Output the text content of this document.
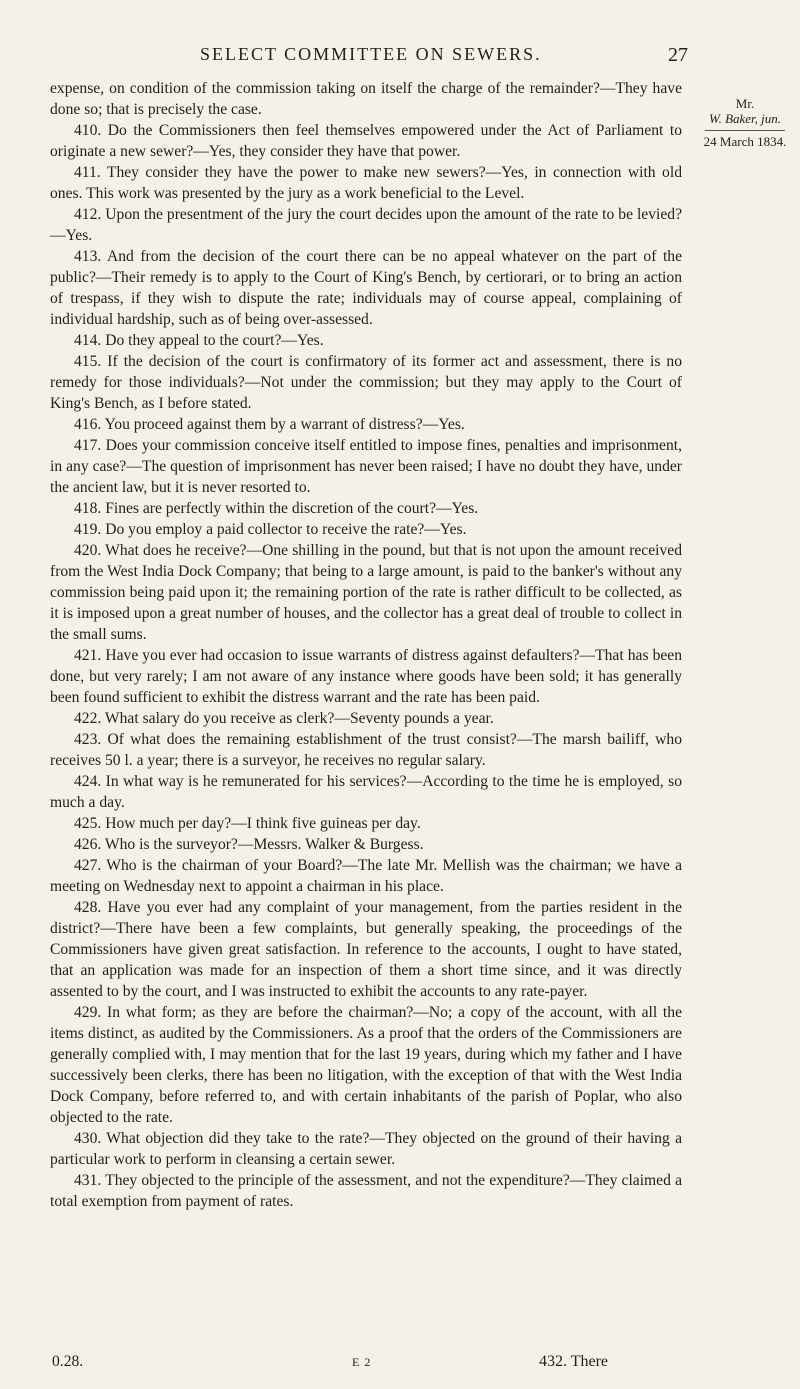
SELECT COMMITTEE ON SEWERS.	27
Mr.
W. Baker, jun.
24 March 1834.

expense, on condition of the commission taking on itself the charge of the remainder?—They have done so; that is precisely the case.

410. Do the Commissioners then feel themselves empowered under the Act of Parliament to originate a new sewer?—Yes, they consider they have that power.

411. They consider they have the power to make new sewers?—Yes, in connection with old ones. This work was presented by the jury as a work beneficial to the Level.

412. Upon the presentment of the jury the court decides upon the amount of the rate to be levied?—Yes.

413. And from the decision of the court there can be no appeal whatever on the part of the public?—Their remedy is to apply to the Court of King's Bench, by certiorari, or to bring an action of trespass, if they wish to dispute the rate; individuals may of course appeal, complaining of individual hardship, such as of being over-assessed.

414. Do they appeal to the court?—Yes.

415. If the decision of the court is confirmatory of its former act and assessment, there is no remedy for those individuals?—Not under the commission; but they may apply to the Court of King's Bench, as I before stated.

416. You proceed against them by a warrant of distress?—Yes.

417. Does your commission conceive itself entitled to impose fines, penalties and imprisonment, in any case?—The question of imprisonment has never been raised; I have no doubt they have, under the ancient law, but it is never resorted to.

418. Fines are perfectly within the discretion of the court?—Yes.

419. Do you employ a paid collector to receive the rate?—Yes.

420. What does he receive?—One shilling in the pound, but that is not upon the amount received from the West India Dock Company; that being to a large amount, is paid to the banker's without any commission being paid upon it; the remaining portion of the rate is rather difficult to be collected, as it is imposed upon a great number of houses, and the collector has a great deal of trouble to collect in the small sums.

421. Have you ever had occasion to issue warrants of distress against defaulters?—That has been done, but very rarely; I am not aware of any instance where goods have been sold; it has generally been found sufficient to exhibit the distress warrant and the rate has been paid.

422. What salary do you receive as clerk?—Seventy pounds a year.

423. Of what does the remaining establishment of the trust consist?—The marsh bailiff, who receives 50 l. a year; there is a surveyor, he receives no regular salary.

424. In what way is he remunerated for his services?—According to the time he is employed, so much a day.

425. How much per day?—I think five guineas per day.

426. Who is the surveyor?—Messrs. Walker & Burgess.

427. Who is the chairman of your Board?—The late Mr. Mellish was the chairman; we have a meeting on Wednesday next to appoint a chairman in his place.

428. Have you ever had any complaint of your management, from the parties resident in the district?—There have been a few complaints, but generally speaking, the proceedings of the Commissioners have given great satisfaction. In reference to the accounts, I ought to have stated, that an application was made for an inspection of them a short time since, and it was directly assented to by the court, and I was instructed to exhibit the accounts to any rate-payer.

429. In what form; as they are before the chairman?—No; a copy of the account, with all the items distinct, as audited by the Commissioners. As a proof that the orders of the Commissioners are generally complied with, I may mention that for the last 19 years, during which my father and I have successively been clerks, there has been no litigation, with the exception of that with the West India Dock Company, before referred to, and with certain inhabitants of the parish of Poplar, who also objected to the rate.

430. What objection did they take to the rate?—They objected on the ground of their having a particular work to perform in cleansing a certain sewer.

431. They objected to the principle of the assessment, and not the expenditure?—They claimed a total exemption from payment of rates.

0.28.	E 2	432. There
